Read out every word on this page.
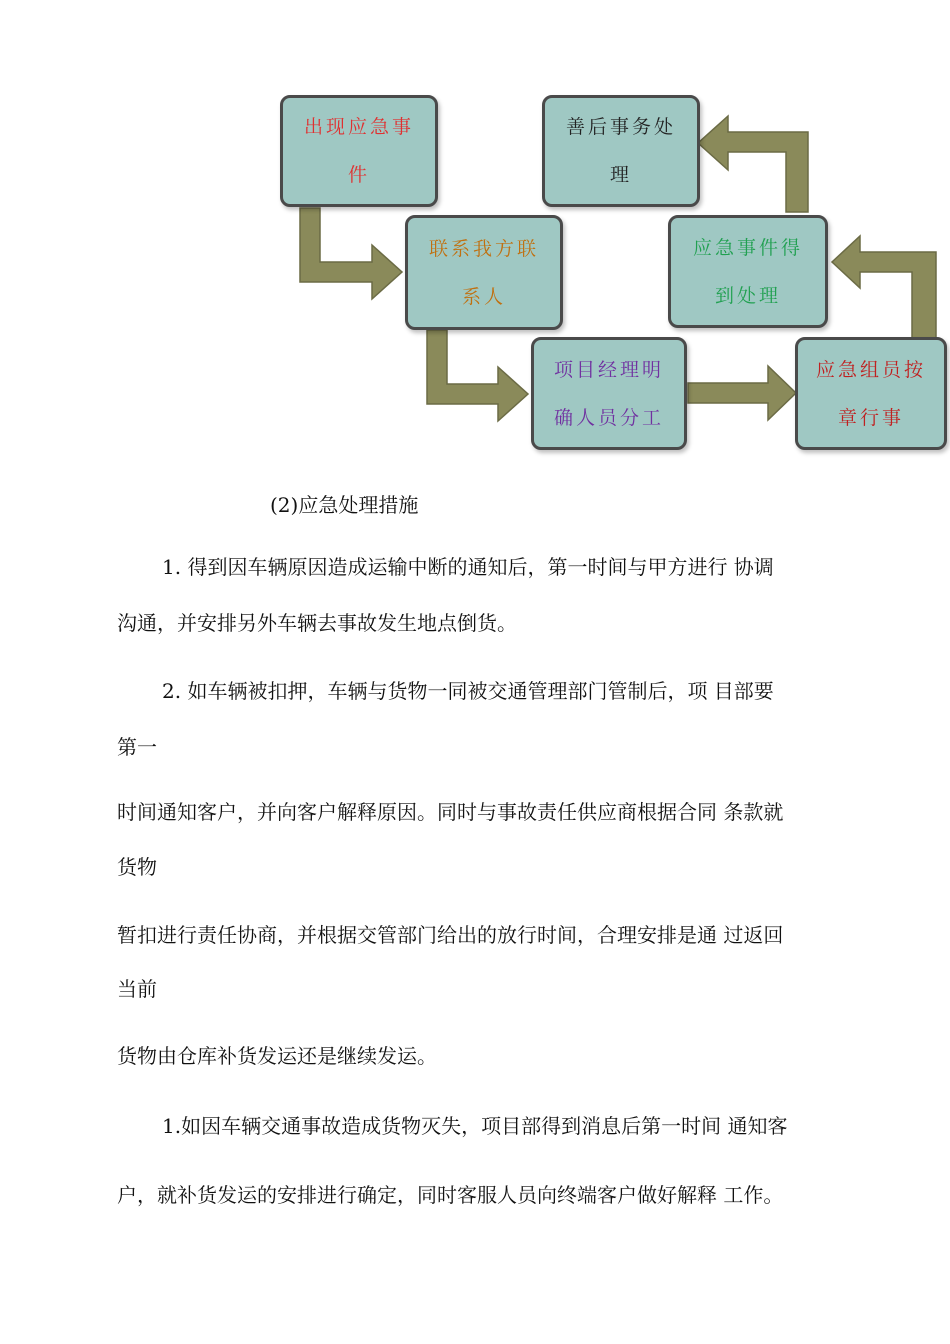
出现应急事
件
联系我方联
系人
项目经理明
确人员分工
应急组员按
章行事
应急事件得
到处理
善后事务处
理
(2)应急处理措施
1. 得到因车辆原因造成运输中断的通知后，第一时间与甲方进行 协调
沟通，并安排另外车辆去事故发生地点倒货。
2. 如车辆被扣押，车辆与货物一同被交通管理部门管制后，项 目部要
第一
时间通知客户，并向客户解释原因。同时与事故责任供应商根据合同 条款就
货物
暂扣进行责任协商，并根据交管部门给出的放行时间，合理安排是通 过返回
当前
货物由仓库补货发运还是继续发运。
1.如因车辆交通事故造成货物灭失，项目部得到消息后第一时间 通知客
户，就补货发运的安排进行确定，同时客服人员向终端客户做好解释 工作。
